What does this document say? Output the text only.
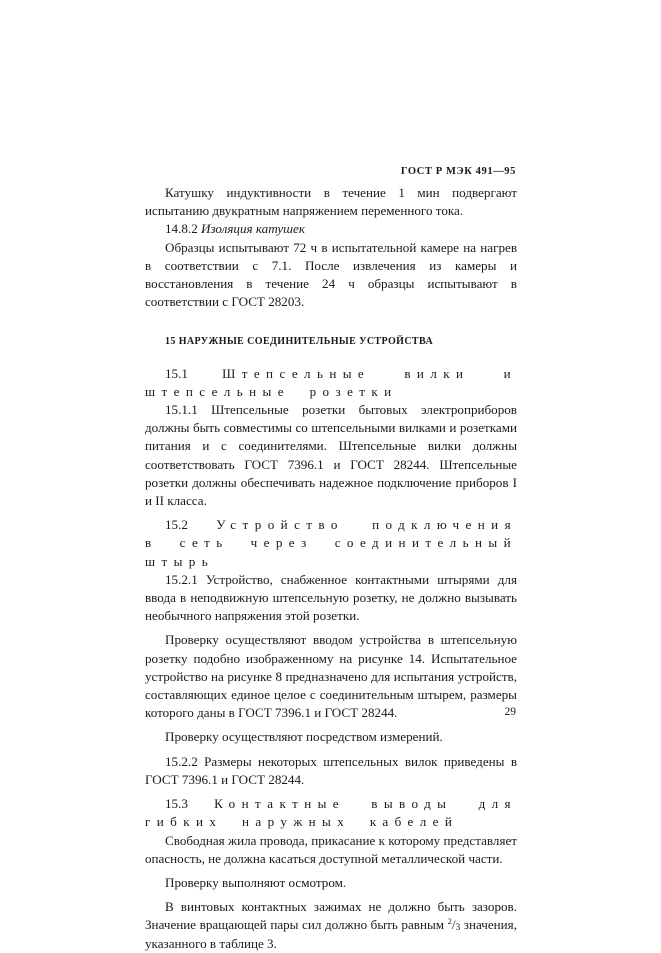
ГОСТ Р МЭК 491—95

Катушку индуктивности в течение 1 мин подвергают испытанию двукратным напряжением переменного тока.

14.8.2 Изоляция катушек

Образцы испытывают 72 ч в испытательной камере на нагрев в соответствии с 7.1. После извлечения из камеры и восстановления в течение 24 ч образцы испытывают в соответствии с ГОСТ 28203.

15 НАРУЖНЫЕ СОЕДИНИТЕЛЬНЫЕ УСТРОЙСТВА

15.1	Штепсельные вилки и штепсельные розетки

15.1.1 Штепсельные розетки бытовых электроприборов должны быть совместимы со штепсельными вилками и розетками питания и с соединителями. Штепсельные вилки должны соответствовать ГОСТ 7396.1 и ГОСТ 28244. Штепсельные розетки должны обеспечивать надежное подключение приборов I и II класса.

15.2 Устройство подключения в сеть через соединительный штырь

15.2.1 Устройство, снабженное контактными штырями для ввода в неподвижную штепсельную розетку, не должно вызывать необычного напряжения этой розетки.

Проверку осуществляют вводом устройства в штепсельную розетку подобно изображенному на рисунке 14. Испытательное устройство на рисунке 8 предназначено для испытания устройств, составляющих единое целое с соединительным штырем, размеры которого даны в ГОСТ 7396.1 и ГОСТ 28244.

Проверку осуществляют посредством измерений.

15.2.2 Размеры некоторых штепсельных вилок приведены в ГОСТ 7396.1 и ГОСТ 28244.

15.3 Контактные выводы для гибких наружных кабелей

Свободная жила провода, прикасание к которому представляет опасность, не должна касаться доступной металлической части.

Проверку выполняют осмотром.

В винтовых контактных зажимах не должно быть зазоров. Значение вращающей пары сил должно быть равным $^2/_3$ значения, указанного в таблице 3.

29
